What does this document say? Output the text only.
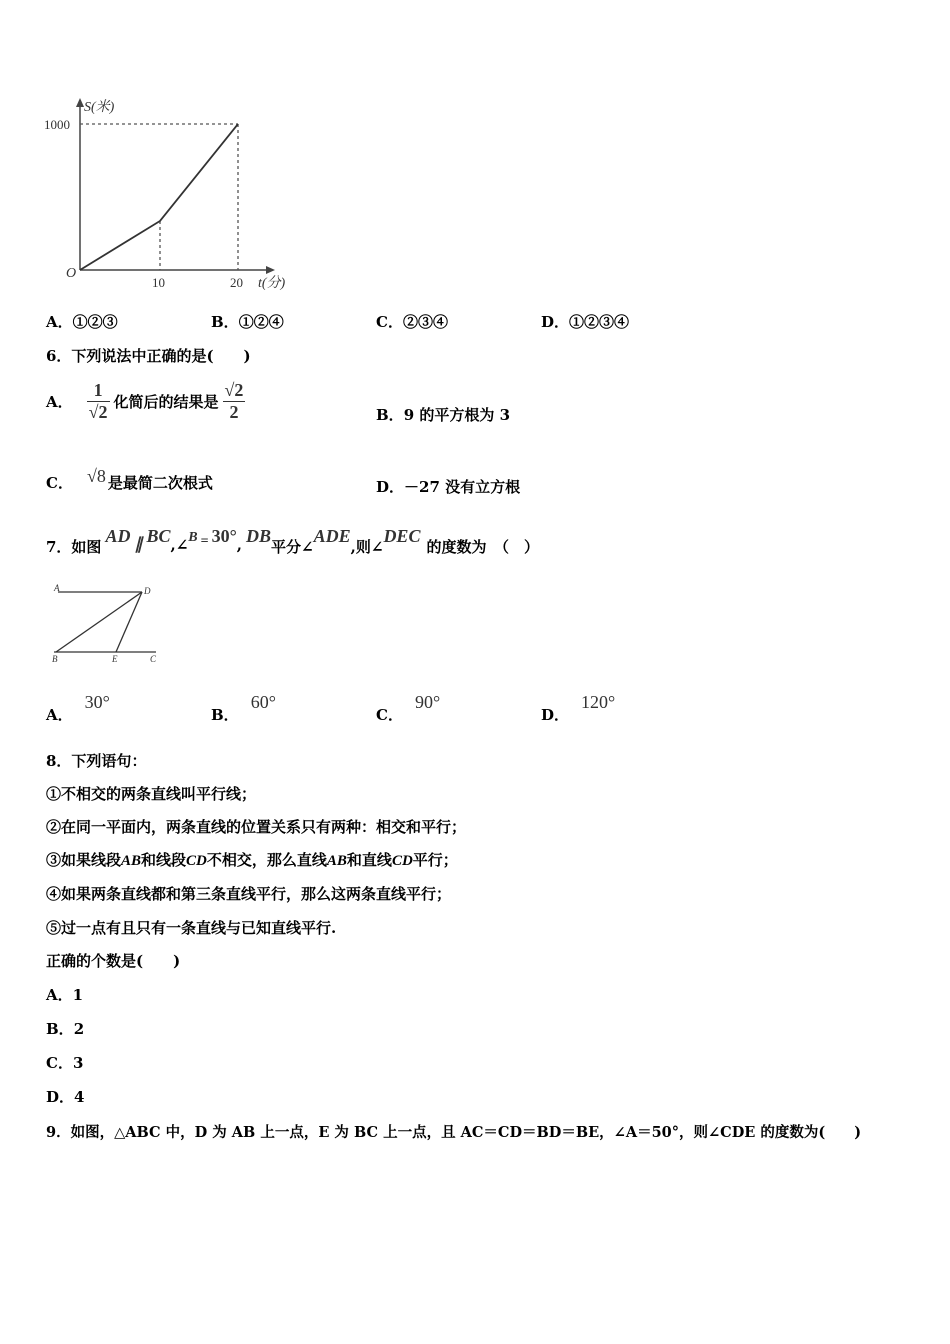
S(米)
1000
O
10	20 t(分)
A．①②③	B．①②④	C．②③④	D．①②③④
6．下列说法中正确的是(　　)
A． $\frac{1}{√2}$ 化简后的结果是 $\frac{√2}{2}$	B．9 的平方根为 3
C． √8 是最简二次根式	D．－27 没有立方根
7．如图
AD ∥ BC ,∠ B = 30° , DB
平分∠
ADE
,则∠
DEC
的度数为　（　）
A	D
B	E	C
A．
30°
B．
60°
C．
90°
D．
120°
8．下列语句：
①不相交的两条直线叫平行线；
②在同一平面内，两条直线的位置关系只有两种：相交和平行；
③如果线段AB和线段CD不相交，那么直线AB和直线CD平行；
④如果两条直线都和第三条直线平行，那么这两条直线平行；
⑤过一点有且只有一条直线与已知直线平行.
正确的个数是(　　)
A．1
B．2
C．3
D．4
9．如图，△ABC 中，D 为 AB 上一点，E 为 BC 上一点，且 AC＝CD＝BD＝BE，∠A＝50°，则∠CDE 的度数为(　　)
